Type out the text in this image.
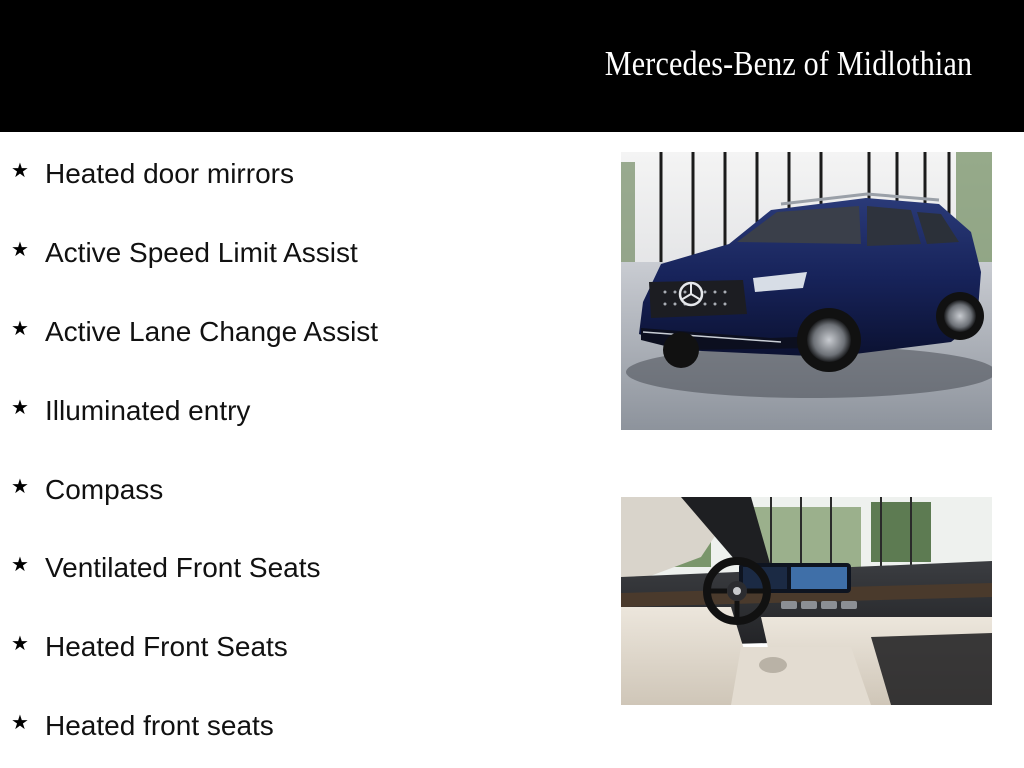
Mercedes-Benz of Midlothian
★ Heated door mirrors
★ Active Speed Limit Assist
★ Active Lane Change Assist
★ Illuminated entry
★ Compass
★ Ventilated Front Seats
★ Heated Front Seats
★ Heated front seats
